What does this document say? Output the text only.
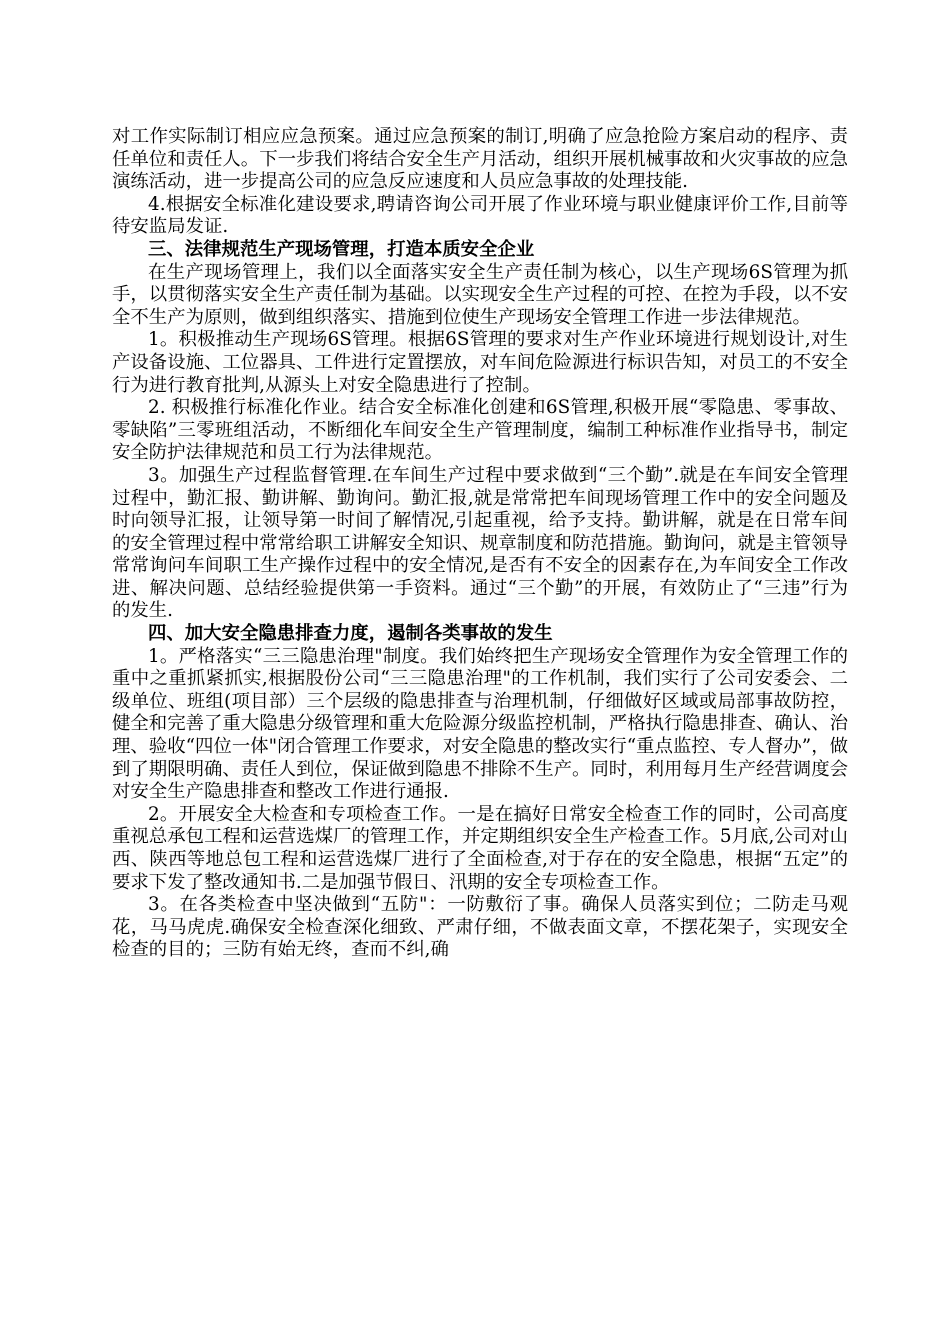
对工作实际制订相应应急预案。通过应急预案的制订,明确了应急抢险方案启动的程序、责任单位和责任人。下一步我们将结合安全生产月活动，组织开展机械事故和火灾事故的应急演练活动，进一步提高公司的应急反应速度和人员应急事故的处理技能.

4.根据安全标准化建设要求,聘请咨询公司开展了作业环境与职业健康评价工作,目前等待安监局发证.

三、法律规范生产现场管理，打造本质安全企业

在生产现场管理上，我们以全面落实安全生产责任制为核心，以生产现场6S管理为抓手，以贯彻落实安全生产责任制为基础。以实现安全生产过程的可控、在控为手段，以不安全不生产为原则，做到组织落实、措施到位使生产现场安全管理工作进一步法律规范。

1。积极推动生产现场6S管理。根据6S管理的要求对生产作业环境进行规划设计,对生产设备设施、工位器具、工件进行定置摆放，对车间危险源进行标识告知，对员工的不安全行为进行教育批判,从源头上对安全隐患进行了控制。

2. 积极推行标准化作业。结合安全标准化创建和6S管理,积极开展“零隐患、零事故、零缺陷”三零班组活动，不断细化车间安全生产管理制度，编制工种标准作业指导书，制定安全防护法律规范和员工行为法律规范。

3。加强生产过程监督管理.在车间生产过程中要求做到“三个勤”.就是在车间安全管理过程中，勤汇报、勤讲解、勤询问。勤汇报,就是常常把车间现场管理工作中的安全问题及时向领导汇报，让领导第一时间了解情况,引起重视，给予支持。勤讲解，就是在日常车间的安全管理过程中常常给职工讲解安全知识、规章制度和防范措施。勤询问，就是主管领导常常询问车间职工生产操作过程中的安全情况,是否有不安全的因素存在,为车间安全工作改进、解决问题、总结经验提供第一手资料。通过“三个勤”的开展，有效防止了“三违”行为的发生.

四、加大安全隐患排查力度，遏制各类事故的发生

1。严格落实“三三隐患治理"制度。我们始终把生产现场安全管理作为安全管理工作的重中之重抓紧抓实,根据股份公司“三三隐患治理"的工作机制，我们实行了公司安委会、二级单位、班组(项目部）三个层级的隐患排查与治理机制，仔细做好区域或局部事故防控，健全和完善了重大隐患分级管理和重大危险源分级监控机制，严格执行隐患排查、确认、治理、验收“四位一体"闭合管理工作要求，对安全隐患的整改实行“重点监控、专人督办”，做到了期限明确、责任人到位，保证做到隐患不排除不生产。同时，利用每月生产经营调度会对安全生产隐患排查和整改工作进行通报.

2。开展安全大检查和专项检查工作。一是在搞好日常安全检查工作的同时，公司高度重视总承包工程和运营选煤厂的管理工作，并定期组织安全生产检查工作。5月底,公司对山西、陕西等地总包工程和运营选煤厂进行了全面检查,对于存在的安全隐患，根据“五定”的要求下发了整改通知书.二是加强节假日、汛期的安全专项检查工作。

3。在各类检查中坚决做到“五防"：一防敷衍了事。确保人员落实到位；二防走马观花，马马虎虎.确保安全检查深化细致、严肃仔细，不做表面文章，不摆花架子，实现安全检查的目的；三防有始无终，查而不纠,确
